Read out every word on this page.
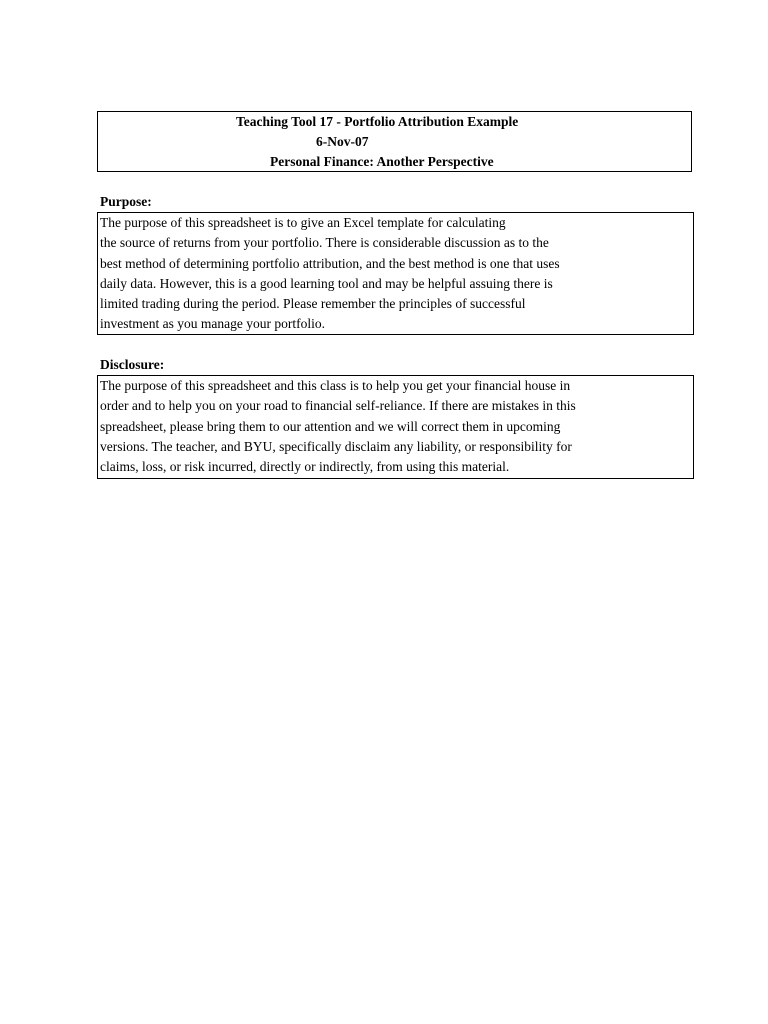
Teaching Tool 17 - Portfolio Attribution Example
6-Nov-07
Personal Finance: Another Perspective
Purpose:
The purpose of this spreadsheet is to give an Excel template for calculating
the source of returns from your portfolio. There is considerable discussion as to the
best method of determining portfolio attribution, and the best method is one that uses
daily data. However, this is a good learning tool and may be helpful assuing there is
limited trading during the period. Please remember the principles of successful
investment as you manage your portfolio.
Disclosure:
The purpose of this spreadsheet and this class is to help you get your financial house in
order and to help you on your road to financial self-reliance. If there are mistakes in this
spreadsheet, please bring them to our attention and we will correct them in upcoming
versions. The teacher, and BYU, specifically disclaim any liability, or responsibility for
claims, loss, or risk incurred, directly or indirectly, from using this material.
